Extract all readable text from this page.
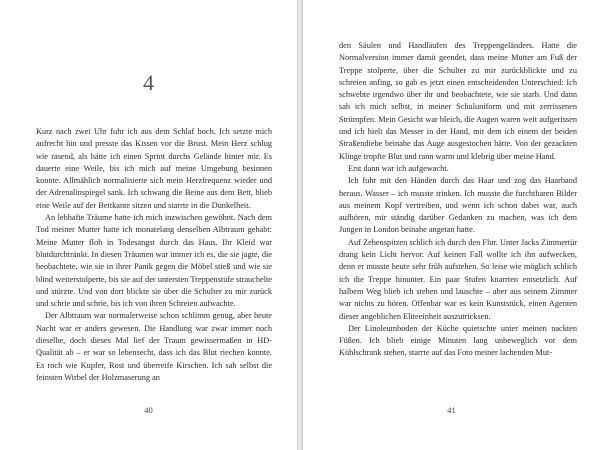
4

Kurz nach zwei Uhr fuhr ich aus dem Schlaf hoch. Ich setzte mich aufrecht hin und presste das Kissen vor die Brust. Mein Herz schlug wie rasend, als hätte ich einen Sprint durchs Gelände hinter mir. Es dauerte eine Weile, bis ich mich auf meine Umgebung besinnen konnte. Allmählich normalisierte sich mein Herzfrequenz wieder und der Adrenalinspiegel sank. Ich schwang die Beine aus dem Bett, blieb eine Weile auf der Bettkante sitzen und starrte in die Dunkelheit.

An lebhafte Träume hatte ich mich inzwischen gewöhnt. Nach dem Tod meiner Mutter hatte ich monatelang denselben Albtraum gehabt: Meine Mutter floh in Todesangst durch das Haus. Ihr Kleid war blutdurchtränkt. In diesen Träumen war immer ich es, die sie jagte, die beobachtete, wie sie in ihrer Panik gegen die Möbel stieß und wie sie blind weiterstolperte, bis sie auf der untersten Treppenstufe strauchelte und stürzte. Und von dort blickte sie über die Schulter zu mir zurück und schrie und schrie, bis ich von ihren Schreien aufwachte.

Der Albtraum war normalerweise schon schlimm genug, aber heute Nacht war er anders gewesen. Die Handlung war zwar immer noch dieselbe, doch dieses Mal lief der Traum gewissermaßen in HD-Qualität ab – er war so lebensecht, dass ich das Blut riechen konnte. Es roch wie Kupfer, Rost und überreife Kirschen. Ich sah selbst die feinsten Wirbel der Holzmaserung an

40

den Säulen und Handläufen des Treppengeländers. Hatte die Normalversion immer damit geendet, dass meine Mutter am Fuß der Treppe stolperte, über die Schulter zu mir zurückblickte und zu schreien anfing, so gab es jetzt einen entscheidenden Unterschied: Ich schwebte irgendwo über ihr und beobachtete, wie sie starb. Und dann sah ich mich selbst, in meiner Schuluniform und mit zerrissenen Strümpfen. Mein Gesicht war bleich, die Augen waren weit aufgerissen und ich hielt das Messer in der Hand, mit dem ich einem der beiden Straßendiebe beinahe das Auge ausgestochen hätte. Von der gezackten Klinge tropfte Blut und rann warm und klebrig über meine Hand.

Erst dann war ich aufgewacht.

Ich fuhr mit den Händen durch das Haar und zog das Haarband heraus. Wasser – ich musste trinken. Ich musste die furchtbaren Bilder aus meinem Kopf vertreiben, und wenn ich schon dabei war, auch aufhören, mir ständig darüber Gedanken zu machen, was ich dem Jungen in London beinahe angetan hatte.

Auf Zehenspitzen schlich ich durch den Flur. Unter Jacks Zimmertür drang kein Licht hervor. Auf keinen Fall wollte ich ihn aufwecken, denn er musste heute sehr früh aufstehen. So leise wie möglich schlich ich die Treppe hinunter. Ein paar Stufen knarrten entsetzlich. Auf halbem Weg blieb ich stehen und lauschte – aber aus seinem Zimmer war nichts zu hören. Offenbar war es kein Kunststück, einen Agenten dieser angeblichen Eliteeinheit auszutricksen.

Der Linoleumboden der Küche quietschte unter meinen nackten Füßen. Ich blieb einige Minuten lang unbeweglich vor dem Kühlschrank stehen, starrte auf das Foto meiner lachenden Mut-

41
